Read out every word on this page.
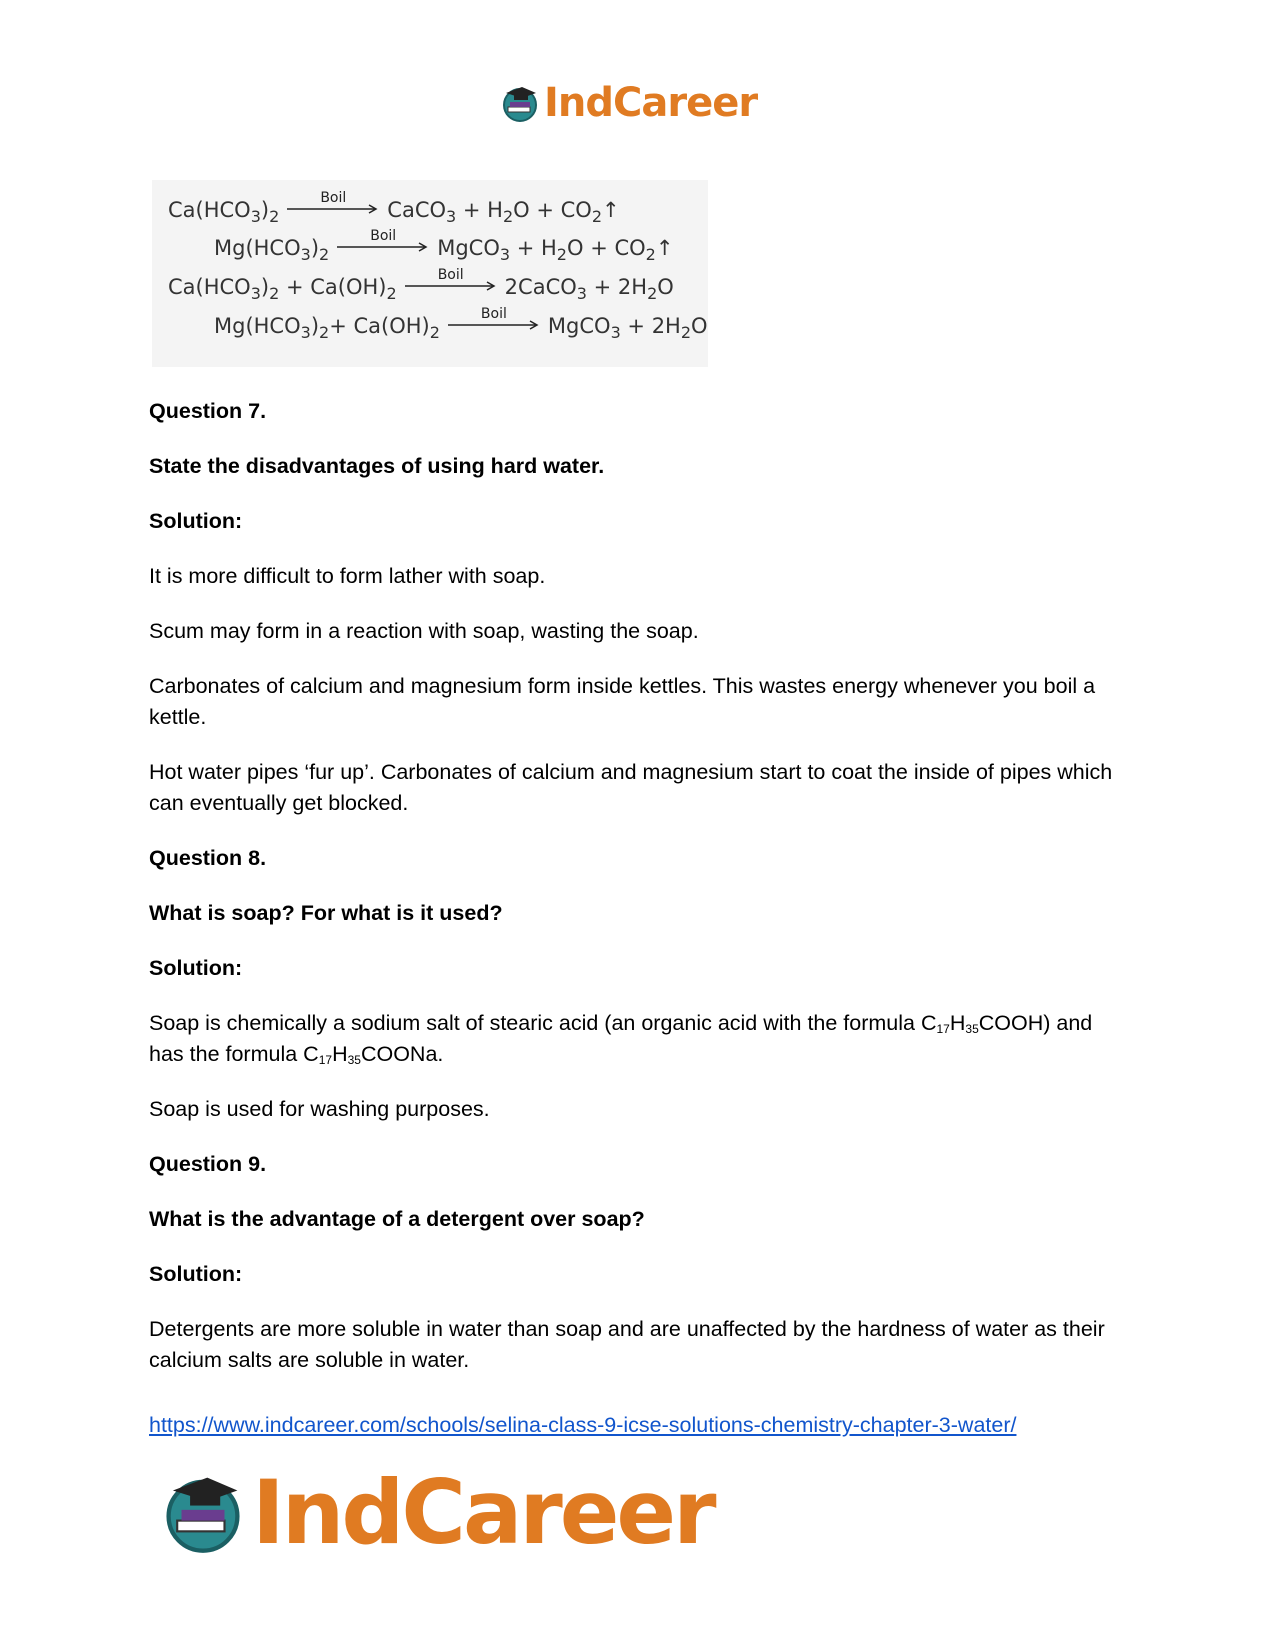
IndCareer
$Ca(HCO_3)_2$
Boil	CaCO$_3$ + $H_2O$ + $CO_2↑$
$Mg(HCO_3)_2$
Boil	MgCO$_3$ + $H_2O$ + $CO_2↑$
$Ca(HCO_3)_2 + Ca(OH)_2$
Boil	2CaCO$_3$ + $2H_2O$
$Mg(HCO_3)_2+ Ca(OH)_2$
Boil	MgCO$_3$ + $2H_2O$

Question 7.

State the disadvantages of using hard water.

Solution:

It is more difficult to form lather with soap.

Scum may form in a reaction with soap, wasting the soap.

Carbonates of calcium and magnesium form inside kettles. This wastes energy whenever you boil a kettle.

Hot water pipes ‘fur up’. Carbonates of calcium and magnesium start to coat the inside of pipes which can eventually get blocked.

Question 8.

What is soap? For what is it used?

Solution:

Soap is chemically a sodium salt of stearic acid (an organic acid with the formula $C_{17}H_{35}COOH$) and has the formula $C_{17}H_{35}COONa$.

Soap is used for washing purposes.

Question 9.

What is the advantage of a detergent over soap?

Solution:

Detergents are more soluble in water than soap and are unaffected by the hardness of water as their calcium salts are soluble in water.

https://www.indcareer.com/schools/selina-class-9-icse-solutions-chemistry-chapter-3-water/
IndCareer
